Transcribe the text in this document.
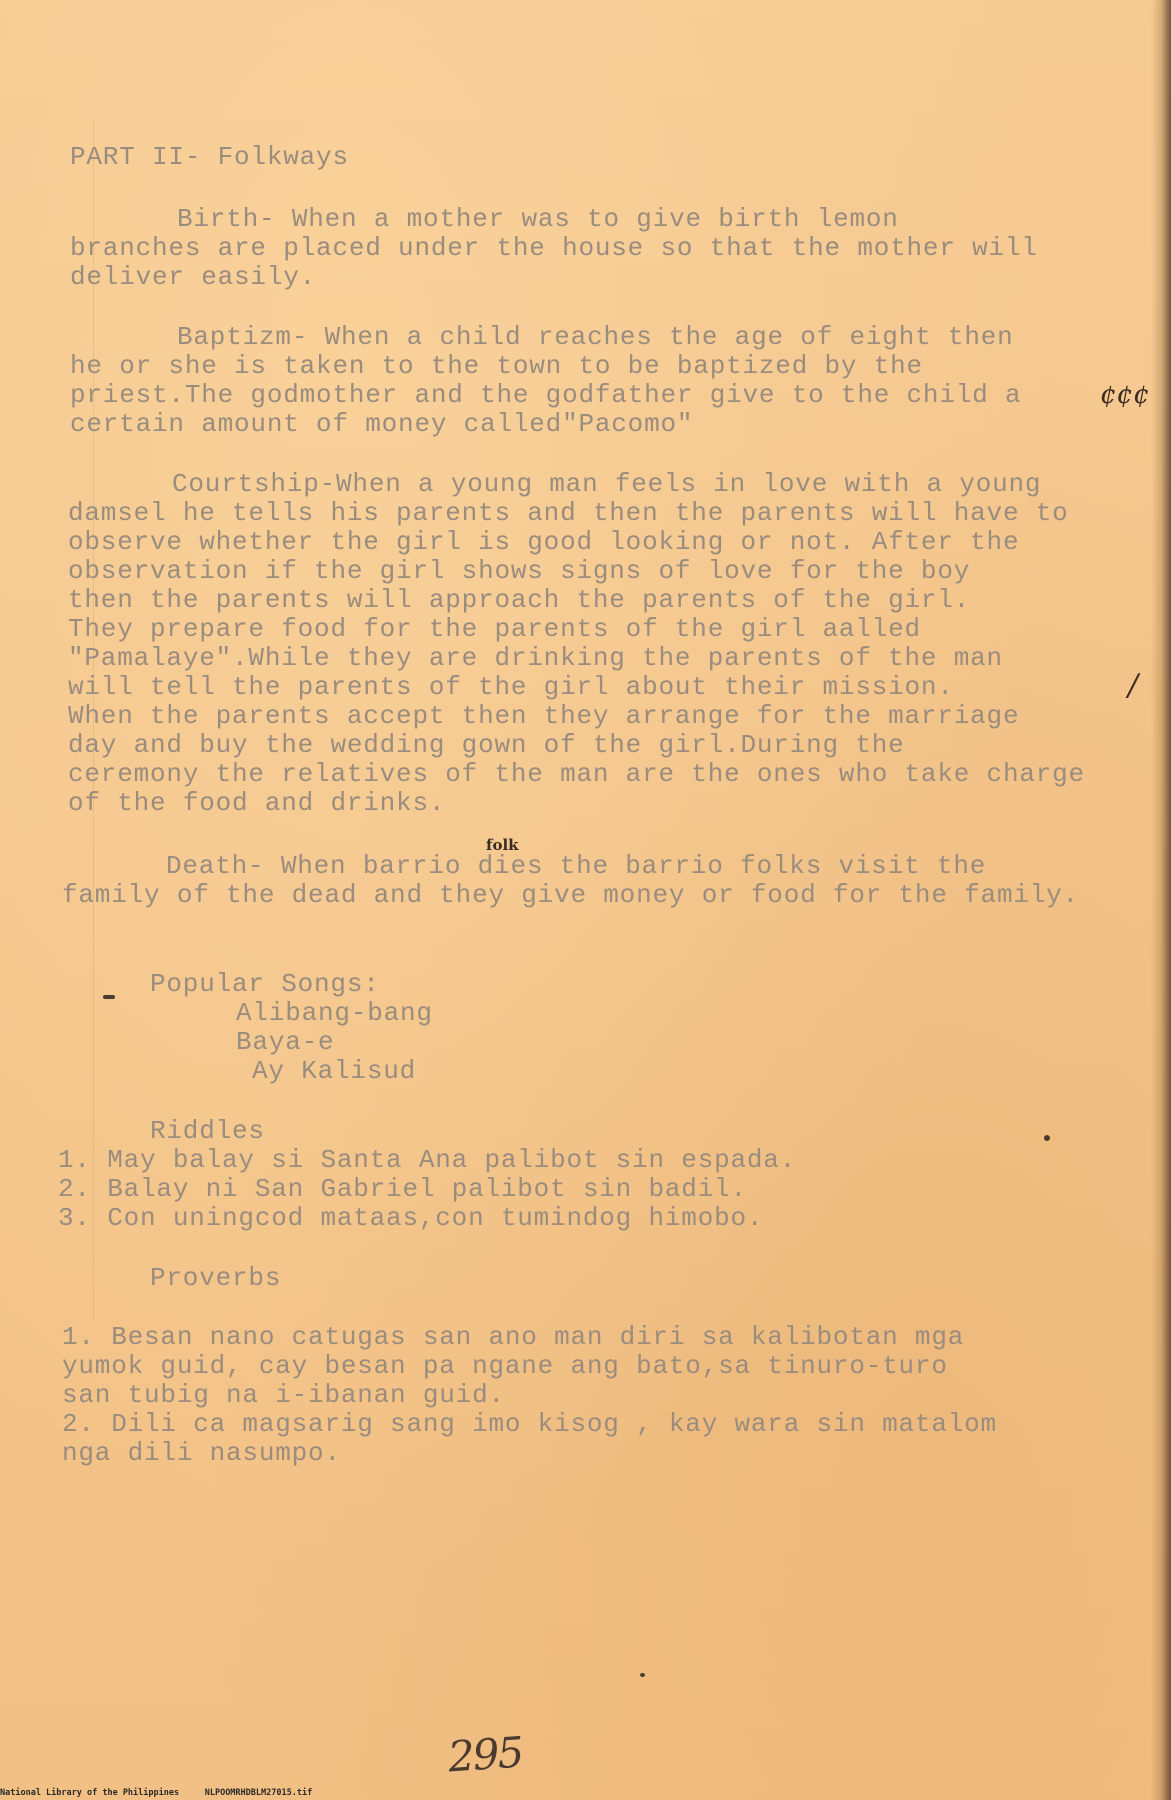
PART II- Folkways
Birth- When a mother was to give birth lemon
branches are placed under the house so that the mother will
deliver easily.
Baptizm- When a child reaches the age of eight then
he or she is taken to the town to be baptized by the
priest.The godmother and the godfather give to the child a	¢¢¢
certain amount of money called"Pacomo"
Courtship-When a young man feels in love with a young
damsel he tells his parents and then the parents will have to
observe whether the girl is good looking or not. After the
observation if the girl shows signs of love for the boy
then the parents will approach the parents of the girl.
They prepare food for the parents of the girl aalled
"Pamalaye".While they are drinking the parents of the man
will tell the parents of the girl about their mission.	/
When the parents accept then they arrange for the marriage
day and buy the wedding gown of the girl.During the
ceremony the relatives of the man are the ones who take charge
of the food and drinks.
folk
Death- When barrio dies the barrio folks visit the
family of the dead and they give money or food for the family.
Popular Songs:
Alibang-bang
Baya-e
Ay Kalisud
Riddles
1. May balay si Santa Ana palibot sin espada.
2. Balay ni San Gabriel palibot sin badil.
3. Con uningcod mataas,con tumindog himobo.
Proverbs
1. Besan nano catugas san ano man diri sa kalibotan mga
yumok guid, cay besan pa ngane ang bato,sa tinuro-turo
san tubig na i-ibanan guid.
2. Dili ca magsarig sang imo kisog , kay wara sin matalom
nga dili nasumpo.
295
National Library of the Philippines	NLPOOMRHDBLM27015.tif
